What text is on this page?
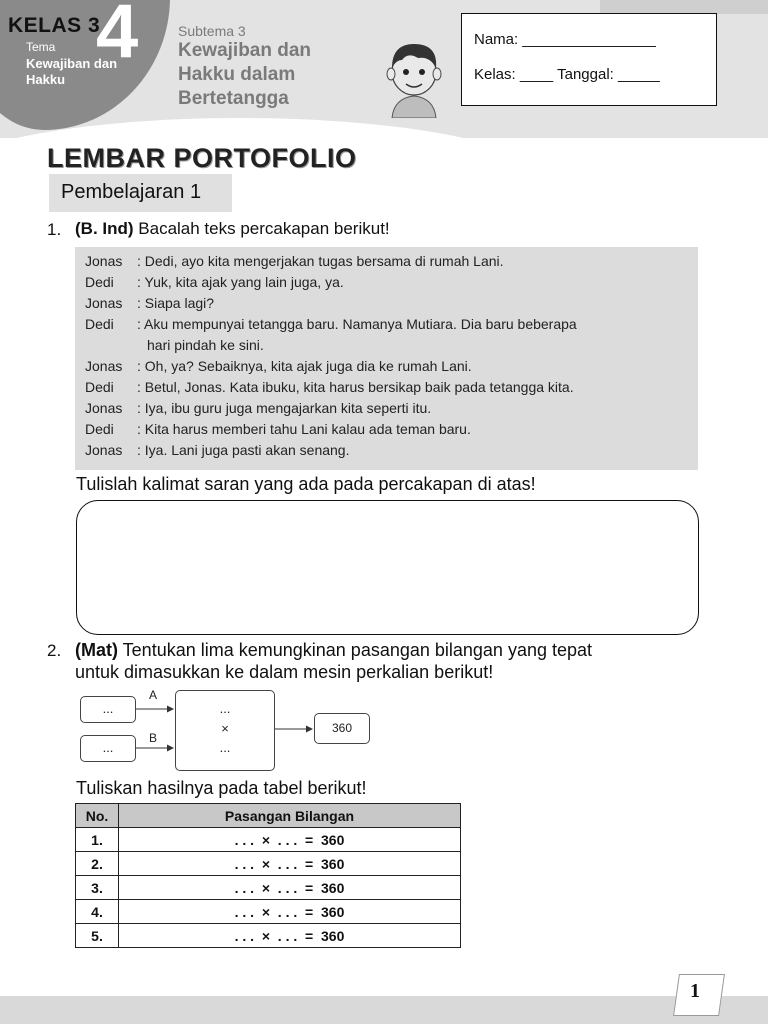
KELAS 3
4
Tema
Kewajiban dan Hakku
Subtema 3
Kewajiban dan Hakku dalam Bertetangga
Nama: ________________
Kelas: ____ Tanggal: _____
LEMBAR PORTOFOLIO
Pembelajaran 1
1. (B. Ind) Bacalah teks percakapan berikut!
Jonas : Dedi, ayo kita mengerjakan tugas bersama di rumah Lani.
Dedi : Yuk, kita ajak yang lain juga, ya.
Jonas : Siapa lagi?
Dedi : Aku mempunyai tetangga baru. Namanya Mutiara. Dia baru beberapa
hari pindah ke sini.
Jonas : Oh, ya? Sebaiknya, kita ajak juga dia ke rumah Lani.
Dedi : Betul, Jonas. Kata ibuku, kita harus bersikap baik pada tetangga kita.
Jonas : Iya, ibu guru juga mengajarkan kita seperti itu.
Dedi : Kita harus memberi tahu Lani kalau ada teman baru.
Jonas : Iya. Lani juga pasti akan senang.
Tulislah kalimat saran yang ada pada percakapan di atas!
2. (Mat) Tentukan lima kemungkinan pasangan bilangan yang tepat
untuk dimasukkan ke dalam mesin perkalian berikut!
...
...
A
B
...
×
...
360
Tuliskan hasilnya pada tabel berikut!
No.	Pasangan Bilangan
1.	. . .  ×  . . .  =  360
2.	. . .  ×  . . .  =  360
3.	. . .  ×  . . .  =  360
4.	. . .  ×  . . .  =  360
5.	. . .  ×  . . .  =  360
1
